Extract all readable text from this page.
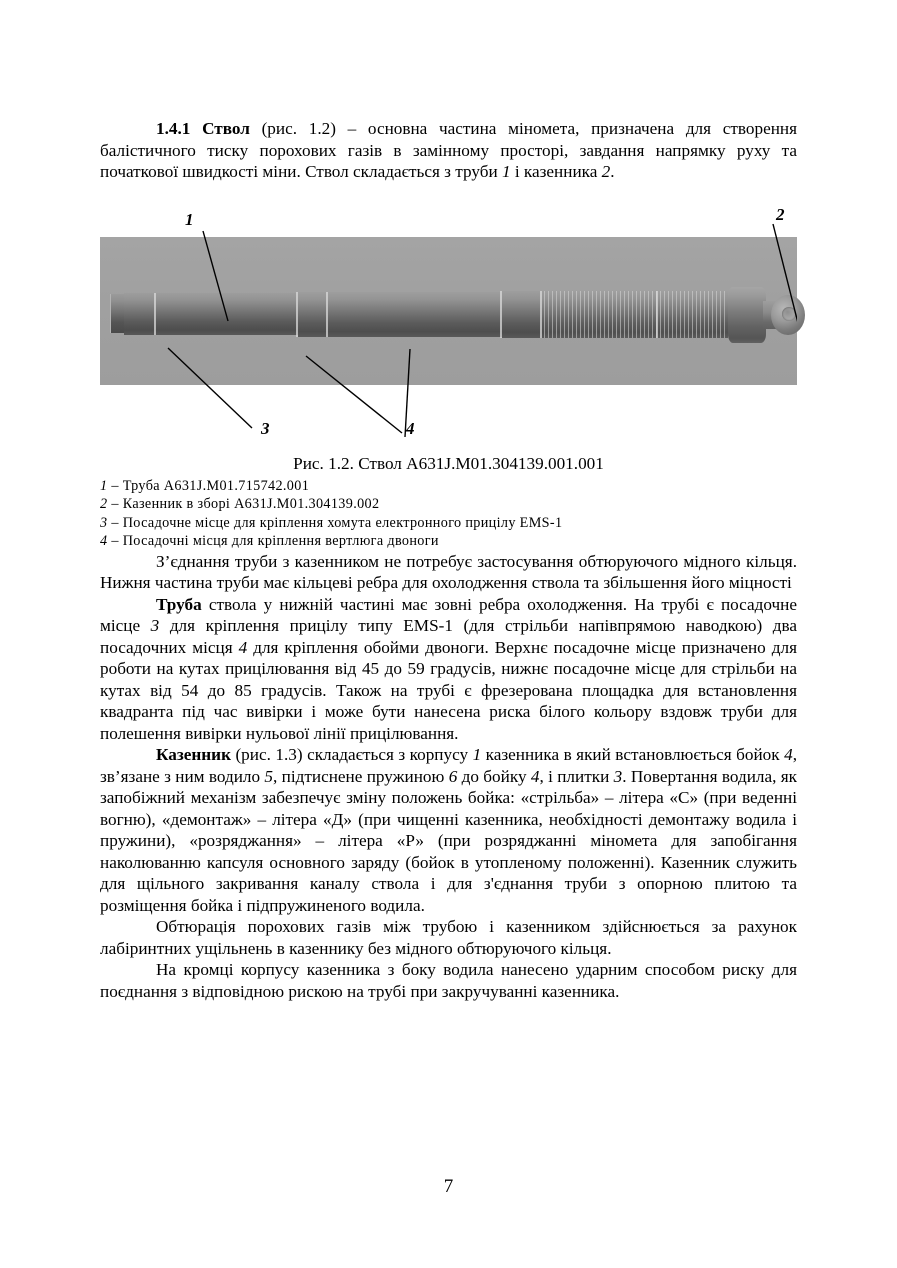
1.4.1 Ствол (рис. 1.2) – основна частина міномета, призначена для створення балістичного тиску порохових газів в замінному просторі, завдання напрямку руху та початкової швидкості міни. Ствол складається з труби 1 і казенника 2.

1	2
3	4
Рис. 1.2. Ствол А631J.М01.304139.001.001
1 – Труба А631J.М01.715742.001
2 – Казенник в зборі А631J.М01.304139.002
3 – Посадочне місце для кріплення хомута електронного прицілу EMS-1
4 – Посадочні місця для кріплення вертлюга двоноги

З’єднання труби з казенником не потребує застосування обтюруючого мідного кільця. Нижня частина труби має кільцеві ребра для охолодження ствола та збільшення його міцності

Труба ствола у нижній частині має зовні ребра охолодження. На трубі є посадочне місце 3 для кріплення прицілу типу EMS-1 (для стрільби напівпрямою наводкою) два посадочних місця 4 для кріплення обойми двоноги. Верхнє посадочне місце призначено для роботи на кутах прицілювання від 45 до 59 градусів, нижнє посадочне місце для стрільби на кутах від 54 до 85 градусів. Також на трубі є фрезерована площадка для встановлення квадранта під час вивірки і може бути нанесена риска білого кольору вздовж труби для полешення вивірки нульової лінії прицілювання.

Казенник (рис. 1.3) складається з корпусу 1 казенника в який встановлюється бойок 4, зв’язане з ним водило 5, підтиснене пружиною 6 до бойку 4, і плитки 3. Повертання водила, як запобіжний механізм забезпечує зміну положень бойка: «стрільба» – літера «С» (при веденні вогню), «демонтаж» – літера «Д» (при чищенні казенника, необхідності демонтажу водила і пружини), «розряджання» – літера «Р» (при розряджанні міномета для запобігання наколюванню капсуля основного заряду (бойок в утопленому положенні). Казенник служить для щільного закривання каналу ствола і для з'єднання труби з опорною плитою та розміщення бойка і підпружиненого водила.

Обтюрація порохових газів між трубою і казенником здійснюється за рахунок лабіринтних ущільнень в казеннику без мідного обтюруючого кільця.

На кромці корпусу казенника з боку водила нанесено ударним способом риску для поєднання з відповідною рискою на трубі при закручуванні казенника.

7
